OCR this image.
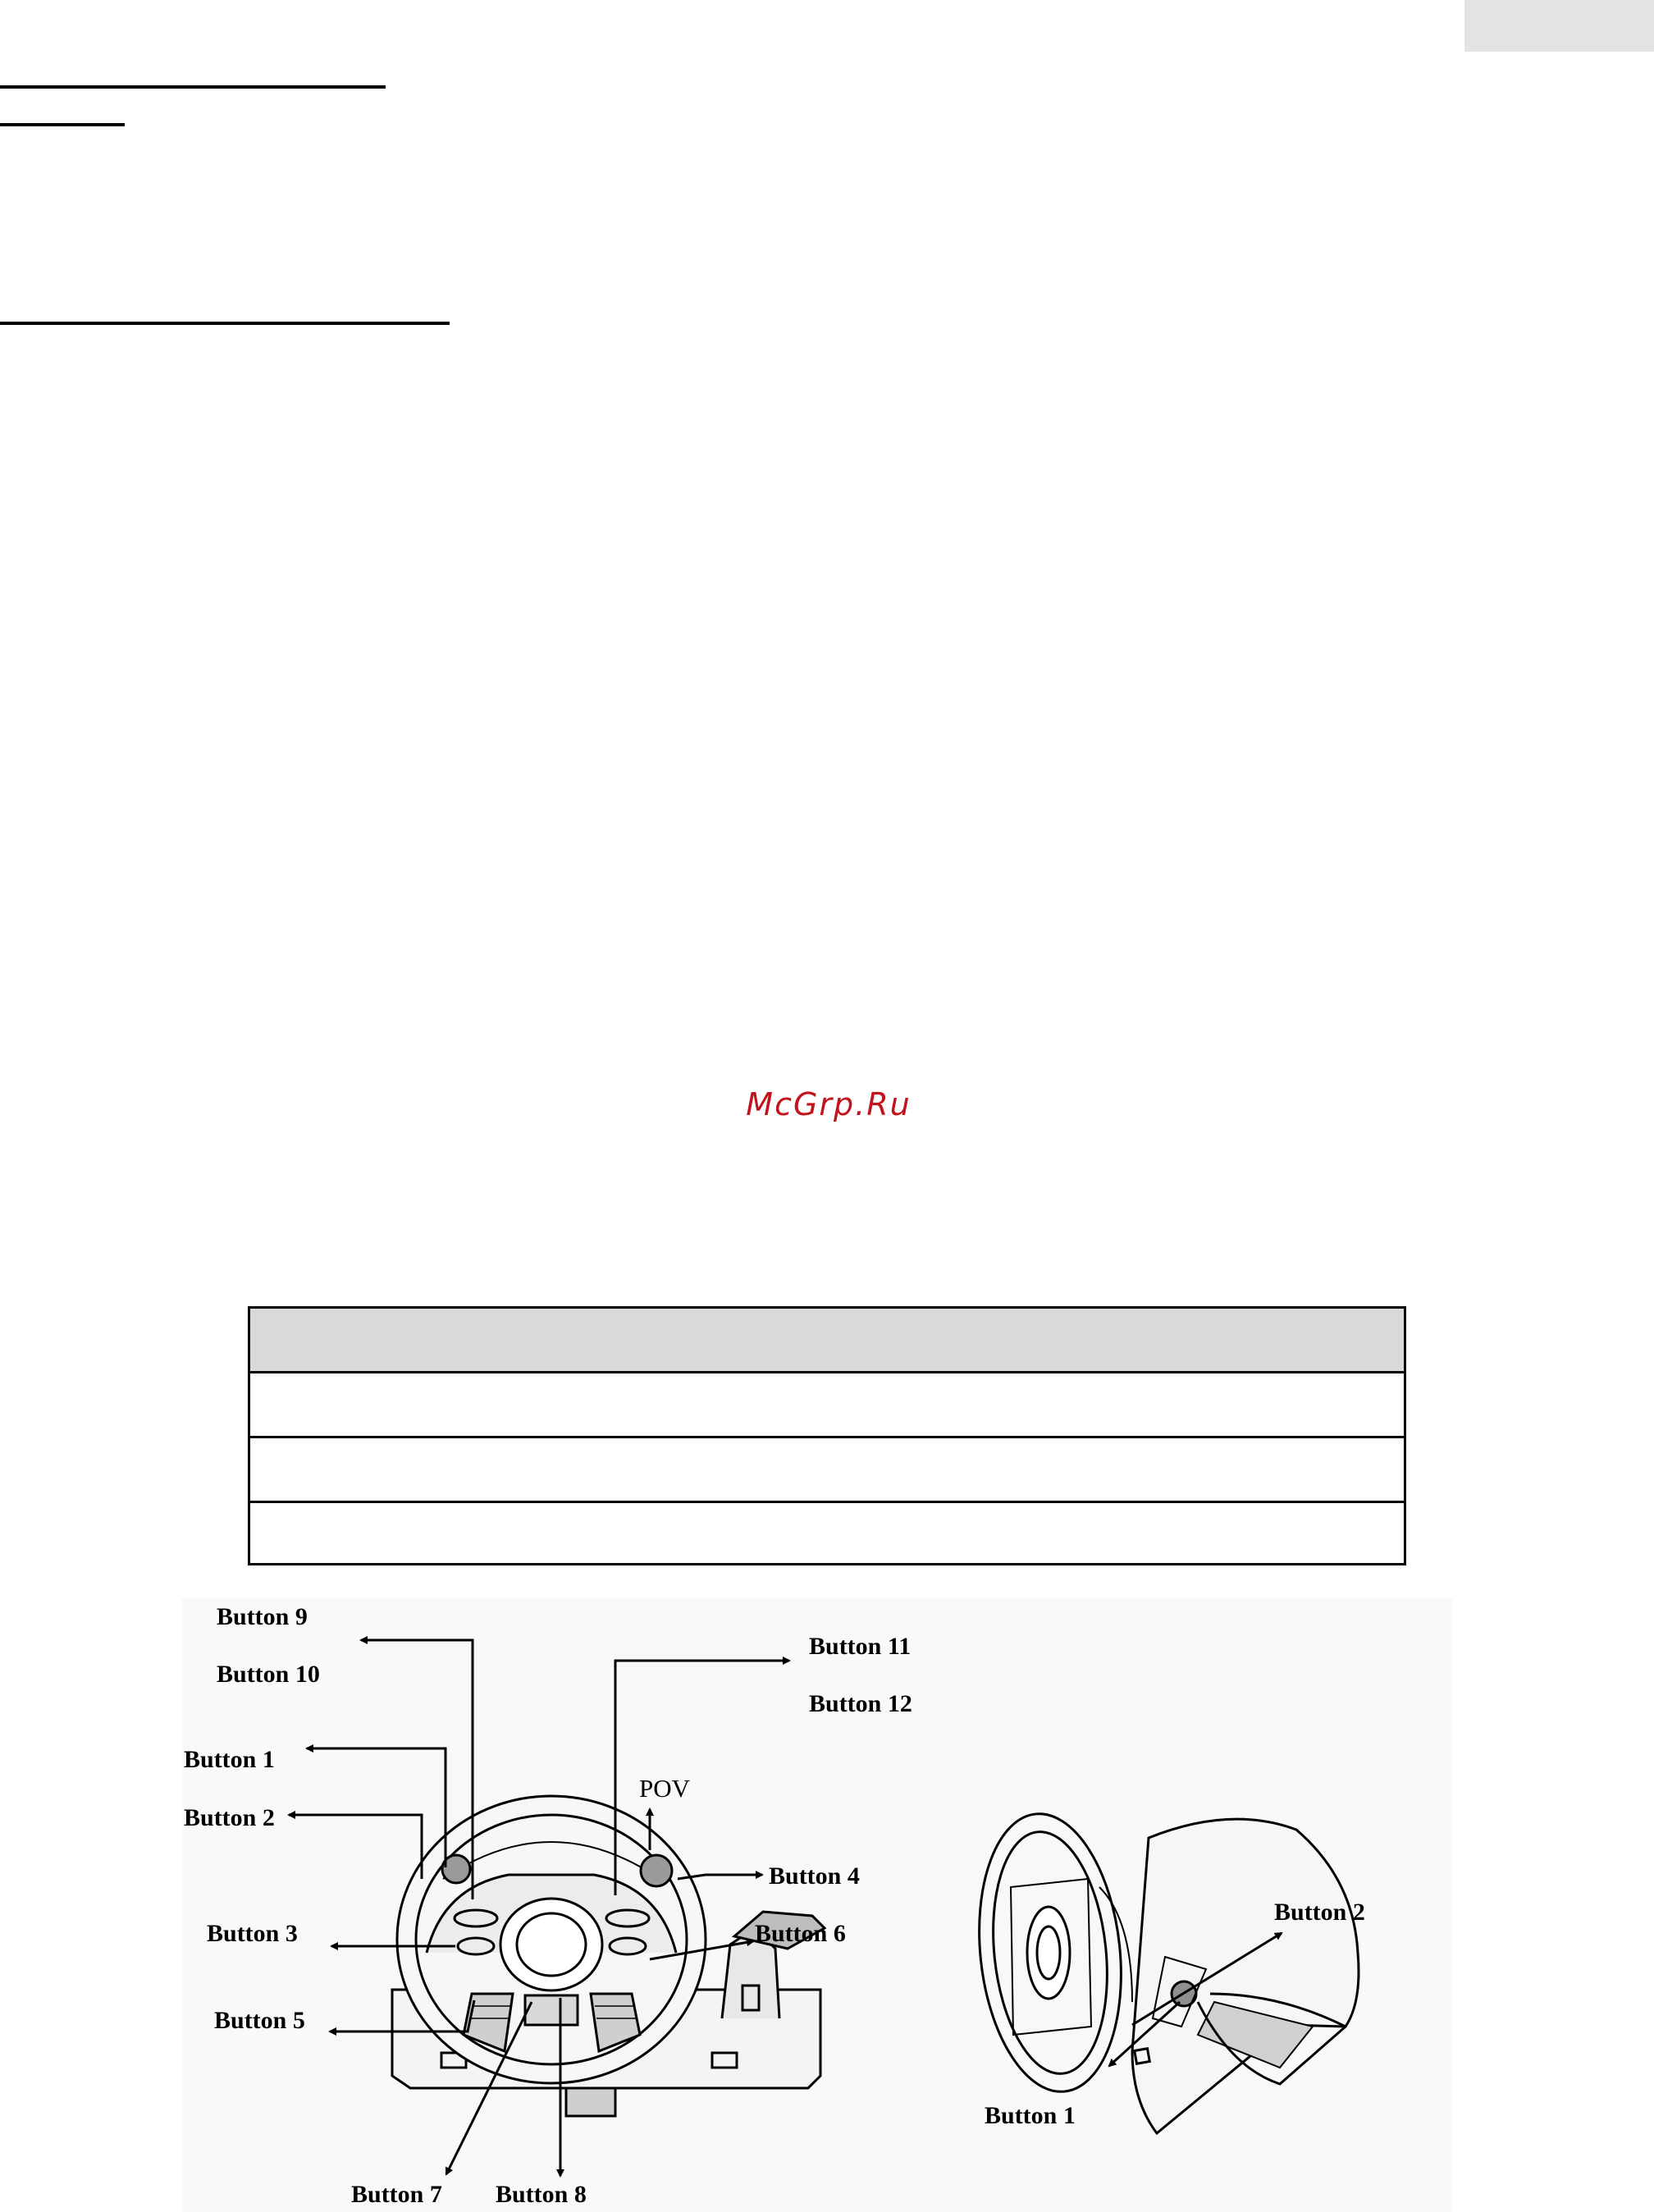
McGrp.Ru
Button 9
Button 10
Button 11
Button 12
Button 1
Button 2
POV
Button 4
Button 3	Button 6
Button 5
Button 7 Button 8
Button 2
Button 1
